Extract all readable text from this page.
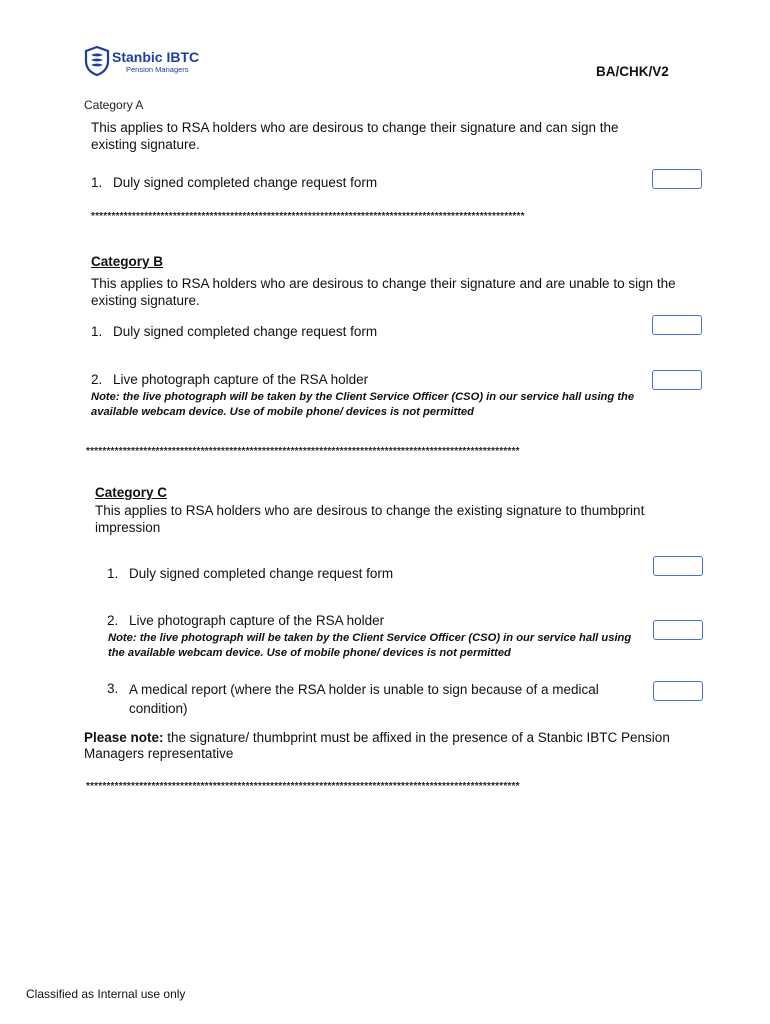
Stanbic IBTC
Pension Managers	BA/CHK/V2
Category A
This applies to RSA holders who are desirous to change their signature and can sign the existing signature.
1. Duly signed completed change request form
**********************************************************************************************************
Category B
This applies to RSA holders who are desirous to change their signature and are unable to sign the existing signature.
1. Duly signed completed change request form
2. Live photograph capture of the RSA holder
Note: the live photograph will be taken by the Client Service Officer (CSO) in our service hall using the available webcam device. Use of mobile phone/ devices is not permitted
**********************************************************************************************************
Category C
This applies to RSA holders who are desirous to change the existing signature to thumbprint impression
1. Duly signed completed change request form
2. Live photograph capture of the RSA holder
Note: the live photograph will be taken by the Client Service Officer (CSO) in our service hall using the available webcam device. Use of mobile phone/ devices is not permitted
3. A medical report (where the RSA holder is unable to sign because of a medical condition)
Please note: the signature/ thumbprint must be affixed in the presence of a Stanbic IBTC Pension Managers representative
**********************************************************************************************************
Classified as Internal use only
